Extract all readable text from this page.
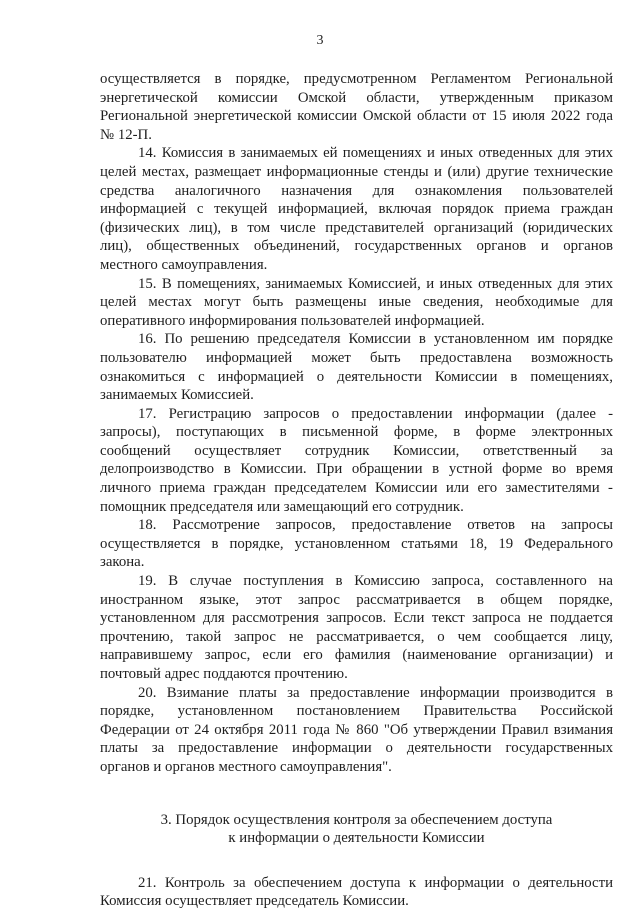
3
осуществляется в порядке, предусмотренном Регламентом Региональной
энергетической комиссии Омской области, утвержденным приказом
Региональной энергетической комиссии Омской области от 15 июля 2022 года
№ 12-П.
14. Комиссия в занимаемых ей помещениях и иных отведенных для этих
целей местах, размещает информационные стенды и (или) другие технические
средства аналогичного назначения для ознакомления пользователей
информацией с текущей информацией, включая порядок приема граждан
(физических лиц), в том числе представителей организаций (юридических
лиц), общественных объединений, государственных органов и органов
местного самоуправления.
15. В помещениях, занимаемых Комиссией, и иных отведенных для этих
целей местах могут быть размещены иные сведения, необходимые для
оперативного информирования пользователей информацией.
16. По решению председателя Комиссии в установленном им порядке
пользователю информацией может быть предоставлена возможность
ознакомиться с информацией о деятельности Комиссии в помещениях,
занимаемых Комиссией.
17. Регистрацию запросов о предоставлении информации (далее -
запросы), поступающих в письменной форме, в форме электронных
сообщений осуществляет сотрудник Комиссии, ответственный за
делопроизводство в Комиссии. При обращении в устной форме во время
личного приема граждан председателем Комиссии или его заместителями -
помощник председателя или замещающий его сотрудник.
18. Рассмотрение запросов, предоставление ответов на запросы
осуществляется в порядке, установленном статьями 18, 19 Федерального
закона.
19. В случае поступления в Комиссию запроса, составленного на
иностранном языке, этот запрос рассматривается в общем порядке,
установленном для рассмотрения запросов. Если текст запроса не поддается
прочтению, такой запрос не рассматривается, о чем сообщается лицу,
направившему запрос, если его фамилия (наименование организации) и
почтовый адрес поддаются прочтению.
20. Взимание платы за предоставление информации производится в
порядке, установленном постановлением Правительства Российской
Федерации от 24 октября 2011 года № 860 "Об утверждении Правил взимания
платы за предоставление информации о деятельности государственных
органов и органов местного самоуправления".
3. Порядок осуществления контроля за обеспечением доступа
к информации о деятельности Комиссии
21. Контроль за обеспечением доступа к информации о деятельности
Комиссия осуществляет председатель Комиссии.
